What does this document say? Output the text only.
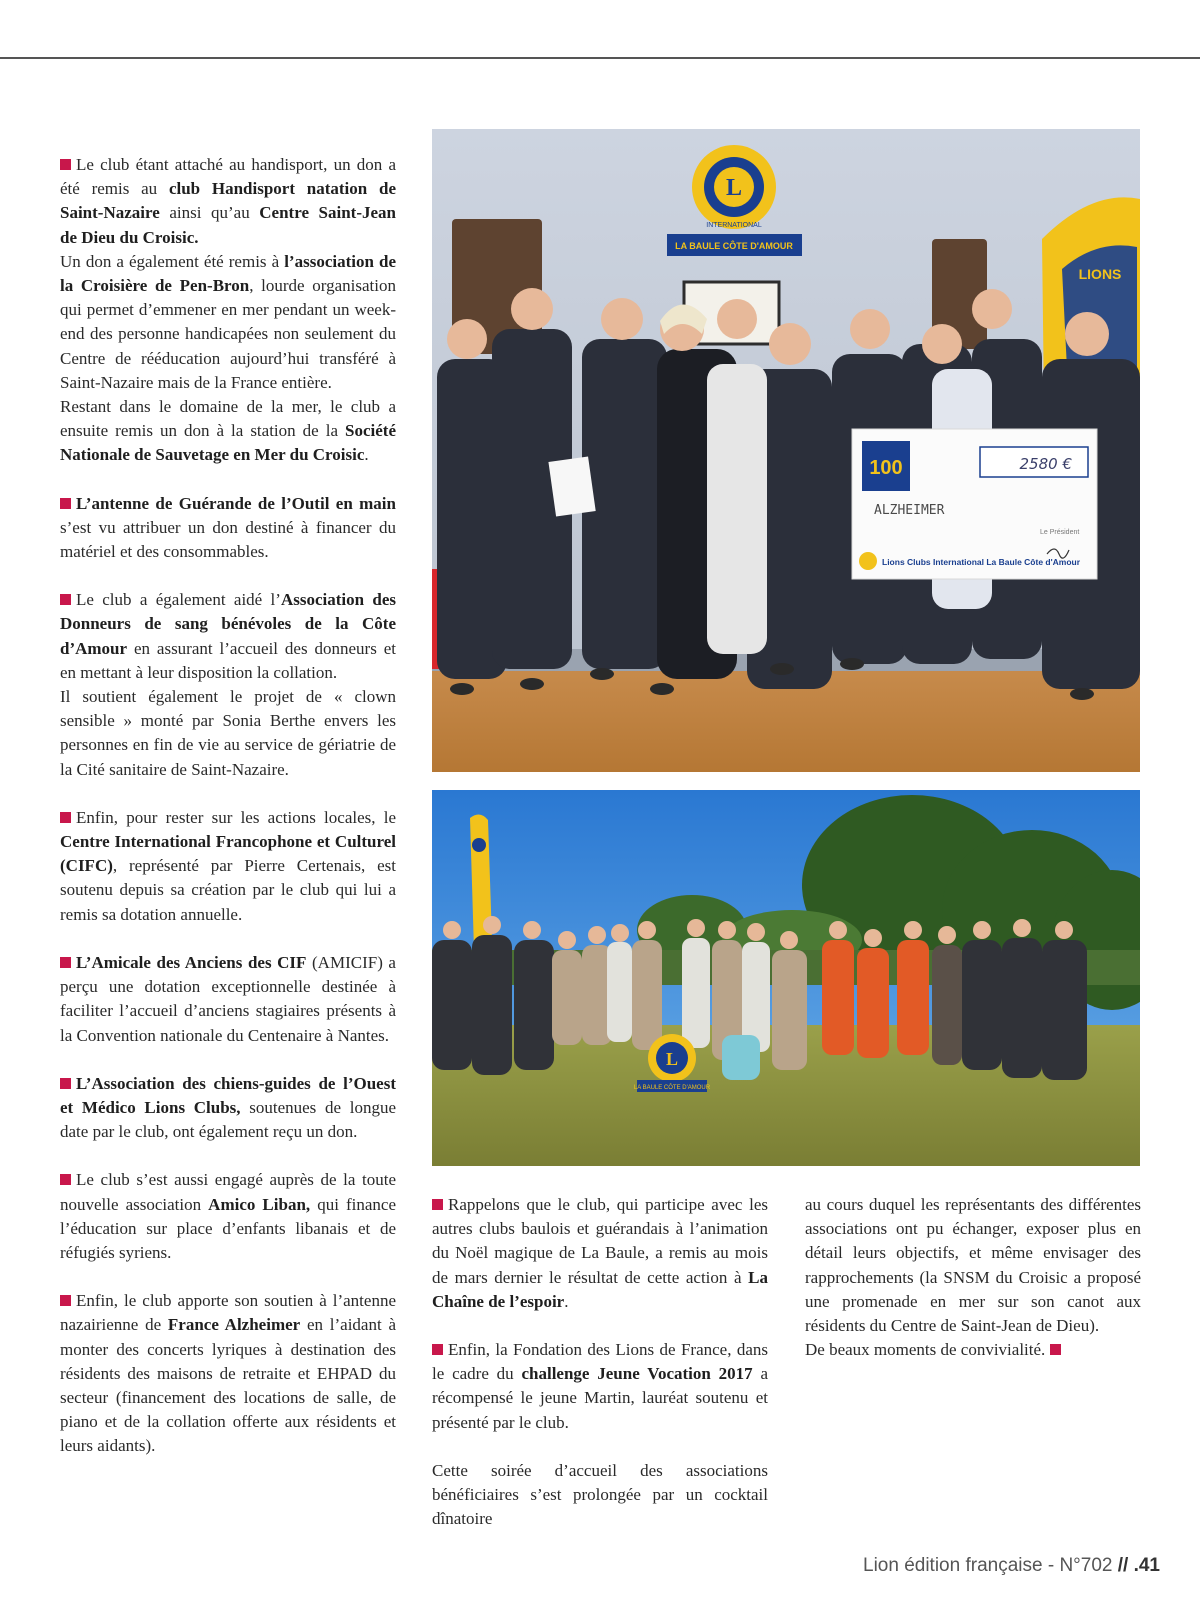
Le club étant attaché au handisport, un don a été remis au club Handisport natation de Saint-Nazaire ainsi qu’au Centre Saint-Jean de Dieu du Croisic.

Un don a également été remis à l’association de la Croisière de Pen-Bron, lourde organisation qui permet d’emmener en mer pendant un week-end des personne handicapées non seulement du Centre de rééducation aujourd’hui transféré à Saint-Nazaire mais de la France entière.

Restant dans le domaine de la mer, le club a ensuite remis un don à la station de la Société Nationale de Sauvetage en Mer du Croisic.

L’antenne de Guérande de l’Outil en main s’est vu attribuer un don destiné à financer du matériel et des consommables.

Le club a également aidé l’Association des Donneurs de sang bénévoles de la Côte d’Amour en assurant l’accueil des donneurs et en mettant à leur disposition la collation.

Il soutient également le projet de « clown sensible » monté par Sonia Berthe envers les personnes en fin de vie au service de gériatrie de la Cité sanitaire de Saint-Nazaire.

Enfin, pour rester sur les actions locales, le Centre International Francophone et Culturel (CIFC), représenté par Pierre Certenais, est soutenu depuis sa création par le club qui lui a remis sa dotation annuelle.

L’Amicale des Anciens des CIF (AMICIF) a perçu une dotation exceptionnelle destinée à faciliter l’accueil d’anciens stagiaires présents à la Convention nationale du Centenaire à Nantes.

L’Association des chiens-guides de l’Ouest et Médico Lions Clubs, soutenues de longue date par le club, ont également reçu un don.

Le club s’est aussi engagé auprès de la toute nouvelle association Amico Liban, qui finance l’éducation sur place d’enfants libanais et de réfugiés syriens.

Enfin, le club apporte son soutien à l’antenne nazairienne de France Alzheimer en l’aidant à monter des concerts lyriques à destination des résidents des maisons de retraite et EHPAD du secteur (financement des locations de salle, de piano et de la collation offerte aux résidents et leurs aidants).

Rappelons que le club, qui participe avec les autres clubs baulois et guérandais à l’animation du Noël magique de La Baule, a remis au mois de mars dernier le résultat de cette action à La Chaîne de l’espoir.

Enfin, la Fondation des Lions de France, dans le cadre du challenge Jeune Vocation 2017 a récompensé le jeune Martin, lauréat soutenu et présenté par le club.

Cette soirée d’accueil des associations bénéficiaires s’est prolongée par un cocktail dînatoire

au cours duquel les représentants des différentes associations ont pu échanger, exposer plus en détail leurs objectifs, et même envisager des rapprochements (la SNSM du Croisic a proposé une promenade en mer sur son canot aux résidents du Centre de Saint-Jean de Dieu).

De beaux moments de convivialité.

LIONS
LA BAULE CÔTE D'AMOUR
L
INTERNATIONAL
100	2580 €
ALZHEIMER
Le Président
Lions Clubs International La Baule Côte d'Amour
L
LA BAULE CÔTE D'AMOUR
Lion édition française - N°702 // .41
